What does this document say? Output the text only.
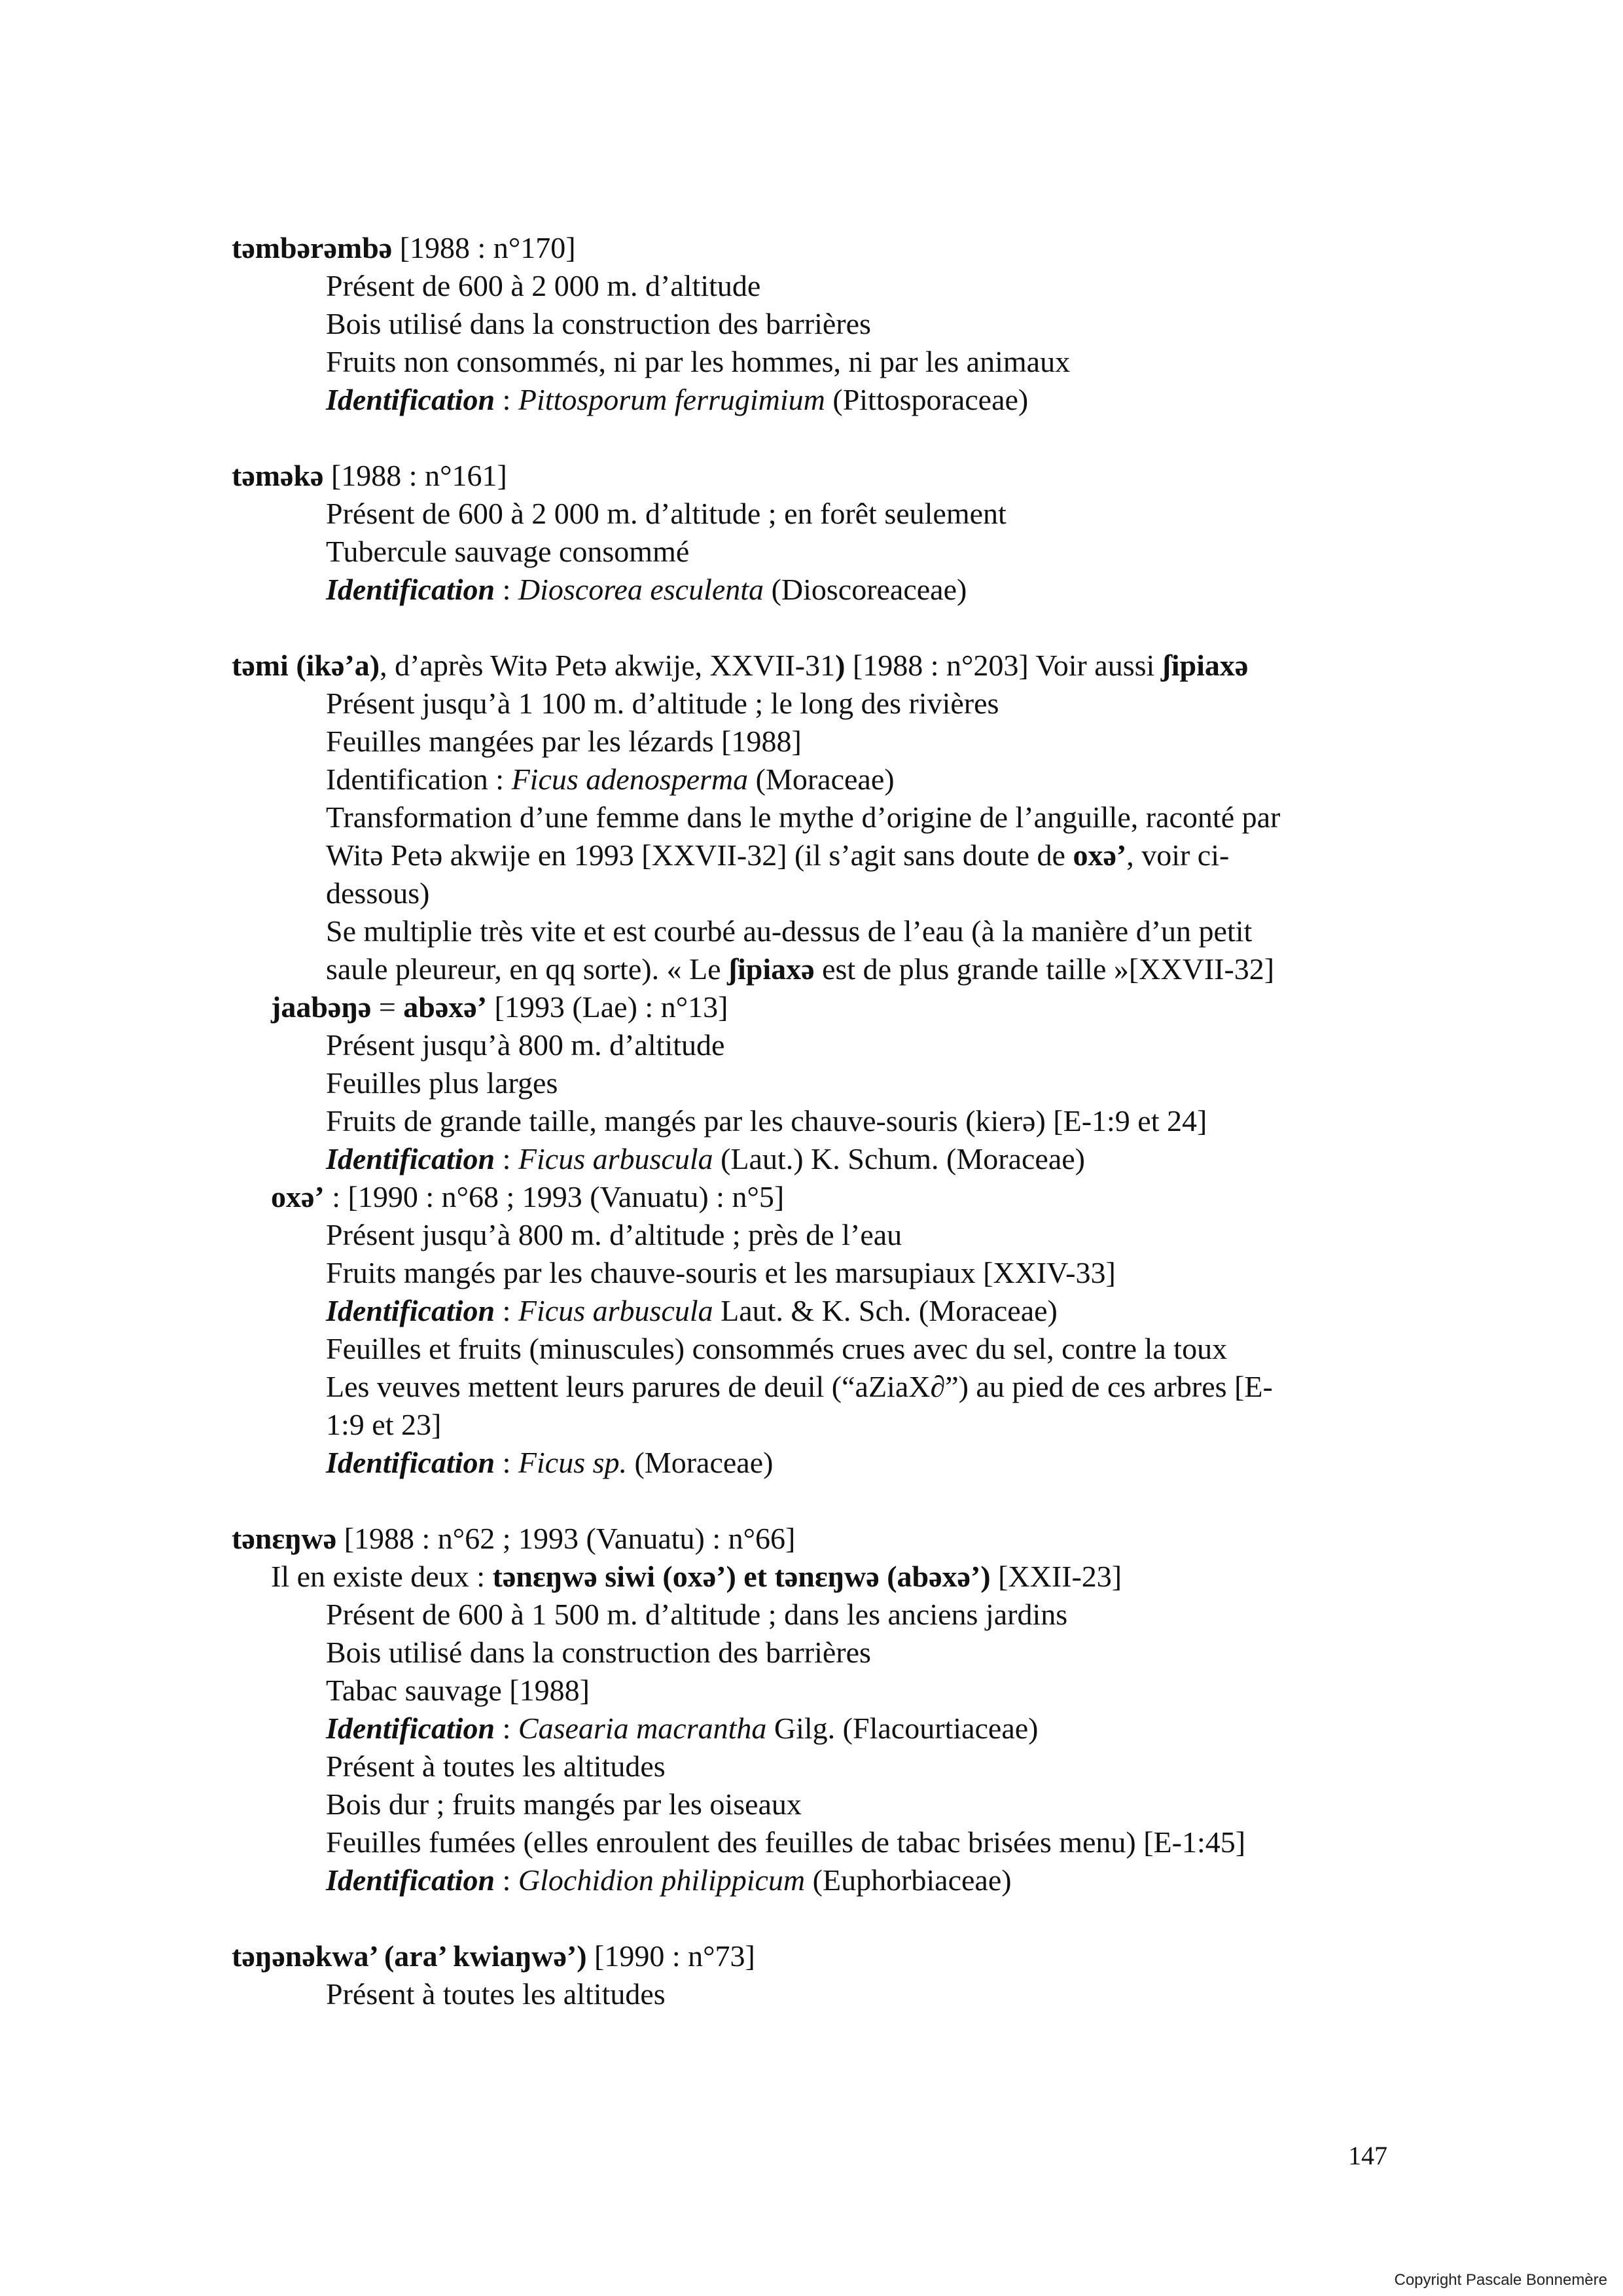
təmbərəmbə [1988 : n°170]
Présent de 600 à 2 000 m. d’altitude
Bois utilisé dans la construction des barrières
Fruits non consommés, ni par les hommes, ni par les animaux
Identification : Pittosporum ferrugimium (Pittosporaceae)
təməkə [1988 : n°161]
Présent de 600 à 2 000 m. d’altitude ; en forêt seulement
Tubercule sauvage consommé
Identification : Dioscorea esculenta (Dioscoreaceae)
təmi (ikə’a), d’après Witə Petə akwije, XXVII-31) [1988 : n°203] Voir aussi ʃipiaxə
Présent jusqu’à 1 100 m. d’altitude ; le long des rivières
Feuilles mangées par les lézards [1988]
Identification : Ficus adenosperma (Moraceae)
Transformation d’une femme dans le mythe d’origine de l’anguille, raconté par
Witə Petə akwije en 1993 [XXVII-32] (il s’agit sans doute de oxə’, voir ci-
dessous)
Se multiplie très vite et est courbé au-dessus de l’eau (à la manière d’un petit
saule pleureur, en qq sorte). « Le ʃipiaxə est de plus grande taille »[XXVII-32]
jaabəŋə = abəxə’ [1993 (Lae) : n°13]
Présent jusqu’à 800 m. d’altitude
Feuilles plus larges
Fruits de grande taille, mangés par les chauve-souris (kierə) [E-1:9 et 24]
Identification : Ficus arbuscula (Laut.) K. Schum. (Moraceae)
oxə’ : [1990 : n°68 ; 1993 (Vanuatu) : n°5]
Présent jusqu’à 800 m. d’altitude ; près de l’eau
Fruits mangés par les chauve-souris et les marsupiaux [XXIV-33]
Identification : Ficus arbuscula Laut. & K. Sch. (Moraceae)
Feuilles et fruits (minuscules) consommés crues avec du sel, contre la toux
Les veuves mettent leurs parures de deuil (“aZiaX∂”) au pied de ces arbres [E-
1:9 et 23]
Identification : Ficus sp. (Moraceae)
tənɛŋwə [1988 : n°62 ; 1993 (Vanuatu) : n°66]
Il en existe deux : tənɛŋwə siwi (oxə’) et tənɛŋwə (abəxə’) [XXII-23]
Présent de 600 à 1 500 m. d’altitude ; dans les anciens jardins
Bois utilisé dans la construction des barrières
Tabac sauvage [1988]
Identification : Casearia macrantha Gilg. (Flacourtiaceae)
Présent à toutes les altitudes
Bois dur ; fruits mangés par les oiseaux
Feuilles fumées (elles enroulent des feuilles de tabac brisées menu) [E-1:45]
Identification : Glochidion philippicum (Euphorbiaceae)
təŋənəkwa’ (ara’ kwiaŋwə’) [1990 : n°73]
Présent à toutes les altitudes
147
Copyright Pascale Bonnemère
